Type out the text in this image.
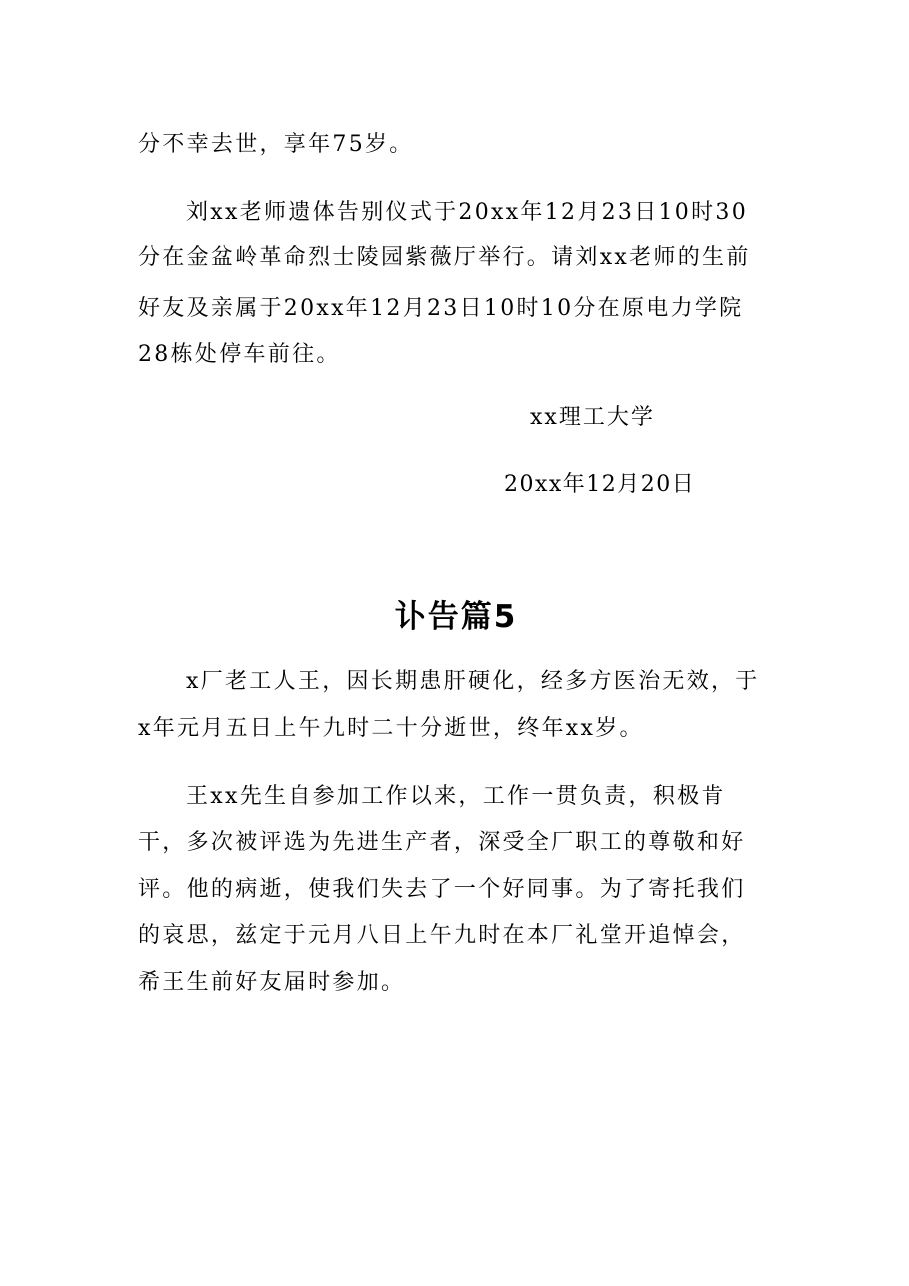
分不幸去世，享年75岁。
刘xx老师遗体告别仪式于20xx年12月23日10时30
分在金盆岭革命烈士陵园紫薇厅举行。请刘xx老师的生前
好友及亲属于20xx年12月23日10时10分在原电力学院
28栋处停车前往。
xx理工大学
20xx年12月20日
讣告篇5
x厂老工人王，因长期患肝硬化，经多方医治无效，于
x年元月五日上午九时二十分逝世，终年xx岁。
王xx先生自参加工作以来，工作一贯负责，积极肯
干，多次被评选为先进生产者，深受全厂职工的尊敬和好
评。他的病逝，使我们失去了一个好同事。为了寄托我们
的哀思，兹定于元月八日上午九时在本厂礼堂开追悼会，
希王生前好友届时参加。
